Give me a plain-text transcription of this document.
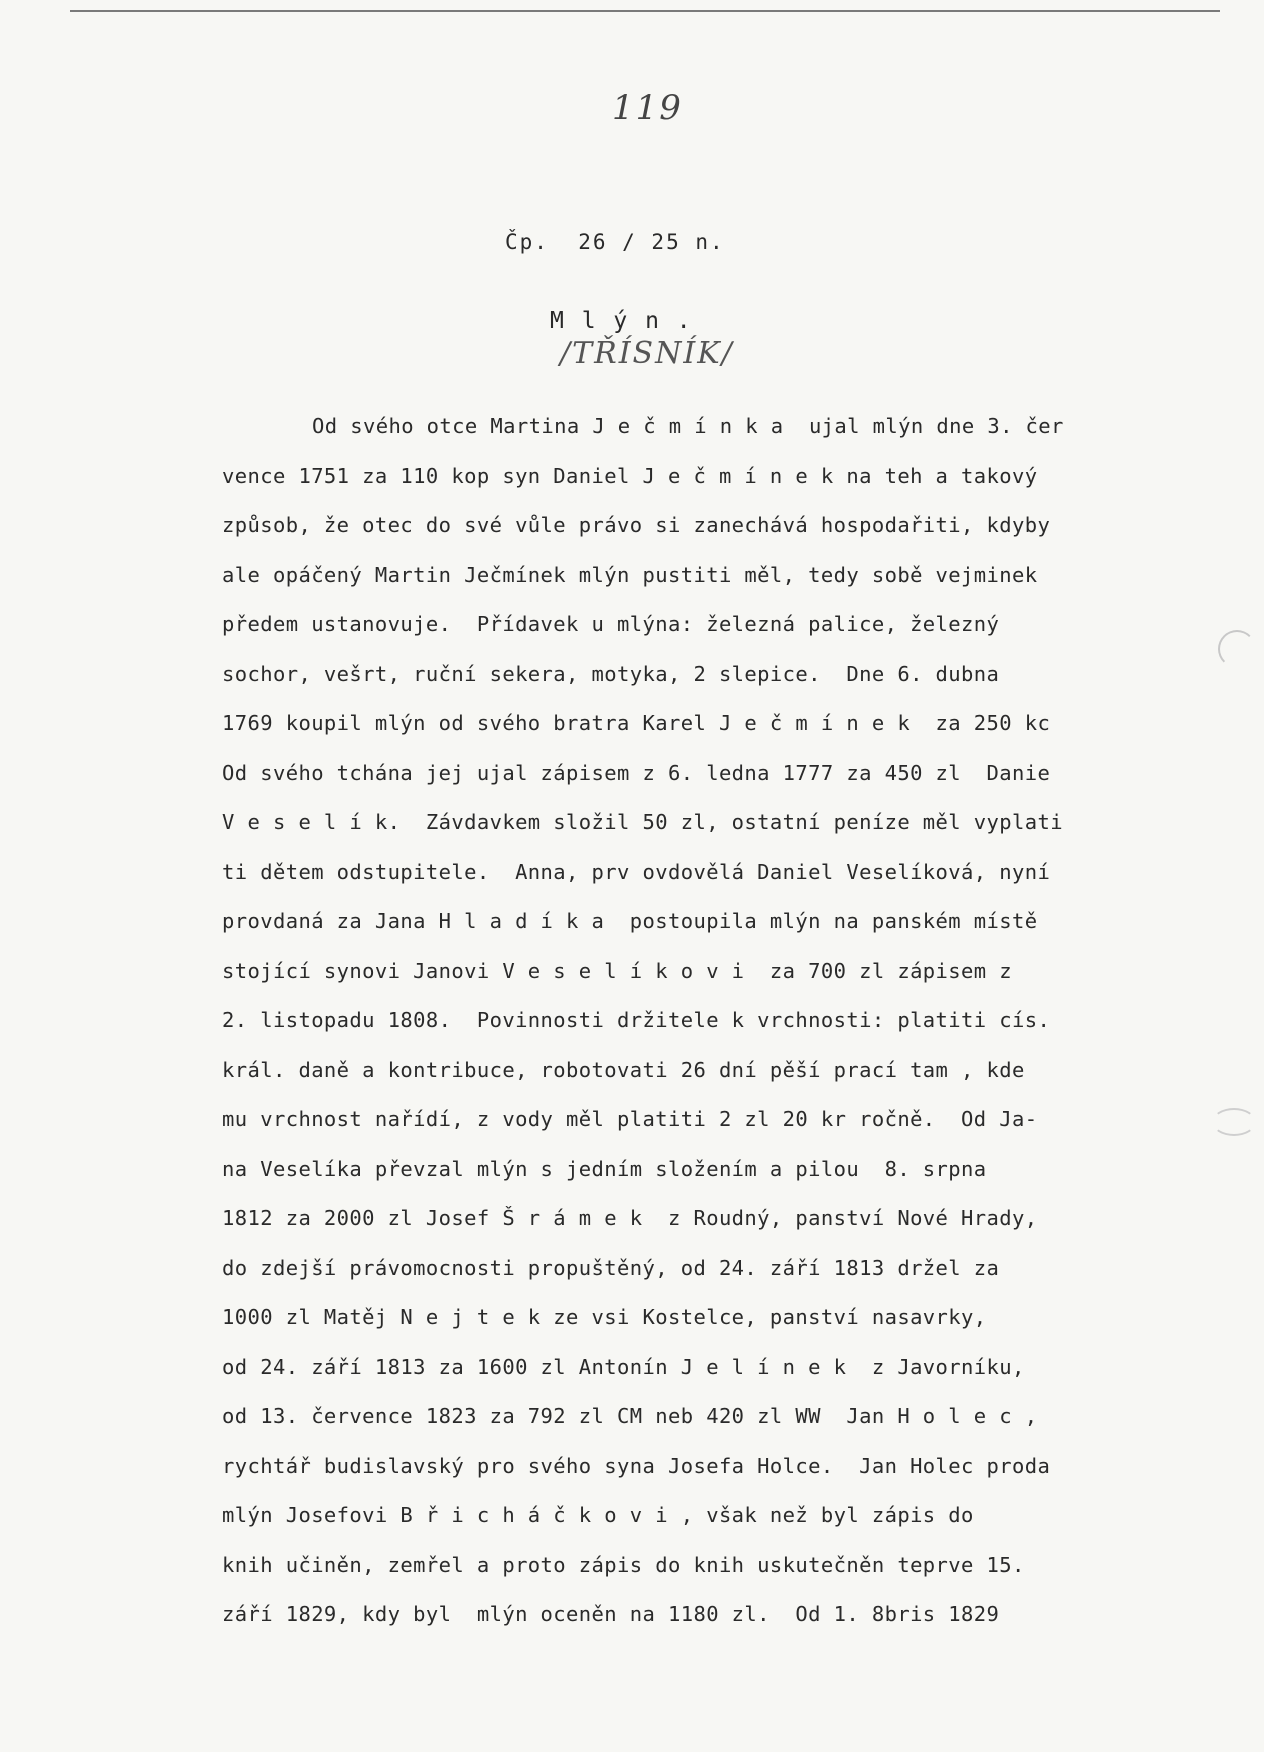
119
Čp.  26 / 25 n.
M l ý n .
/TŘÍSNÍK/
Od svého otce Martina J e č m í n k a  ujal mlýn dne 3. čer
vence 1751 za 110 kop syn Daniel J e č m í n e k na teh a takový
způsob, že otec do své vůle právo si zanechává hospodařiti, kdyby
ale opáčený Martin Ječmínek mlýn pustiti měl, tedy sobě vejminek
předem ustanovuje.  Přídavek u mlýna: železná palice, železný
sochor, vešrt, ruční sekera, motyka, 2 slepice.  Dne 6. dubna
1769 koupil mlýn od svého bratra Karel J e č m í n e k  za 250 kc
Od svého tchána jej ujal zápisem z 6. ledna 1777 za 450 zl  Danie
V e s e l í k.  Závdavkem složil 50 zl, ostatní peníze měl vyplati
ti dětem odstupitele.  Anna, prv ovdovělá Daniel Veselíková, nyní
provdaná za Jana H l a d í k a  postoupila mlýn na panském místě
stojící synovi Janovi V e s e l í k o v i  za 700 zl zápisem z
2. listopadu 1808.  Povinnosti držitele k vrchnosti: platiti cís.
král. daně a kontribuce, robotovati 26 dní pěší prací tam , kde
mu vrchnost nařídí, z vody měl platiti 2 zl 20 kr ročně.  Od Ja-
na Veselíka převzal mlýn s jedním složením a pilou  8. srpna
1812 za 2000 zl Josef Š r á m e k  z Roudný, panství Nové Hrady,
do zdejší právomocnosti propuštěný, od 24. září 1813 držel za
1000 zl Matěj N e j t e k ze vsi Kostelce, panství nasavrky,
od 24. září 1813 za 1600 zl Antonín J e l í n e k  z Javorníku,
od 13. července 1823 za 792 zl CM neb 420 zl WW  Jan H o l e c ,
rychtář budislavský pro svého syna Josefa Holce.  Jan Holec proda
mlýn Josefovi B ř i c h á č k o v i , však než byl zápis do
knih učiněn, zemřel a proto zápis do knih uskutečněn teprve 15.
září 1829, kdy byl  mlýn oceněn na 1180 zl.  Od 1. 8bris 1829
